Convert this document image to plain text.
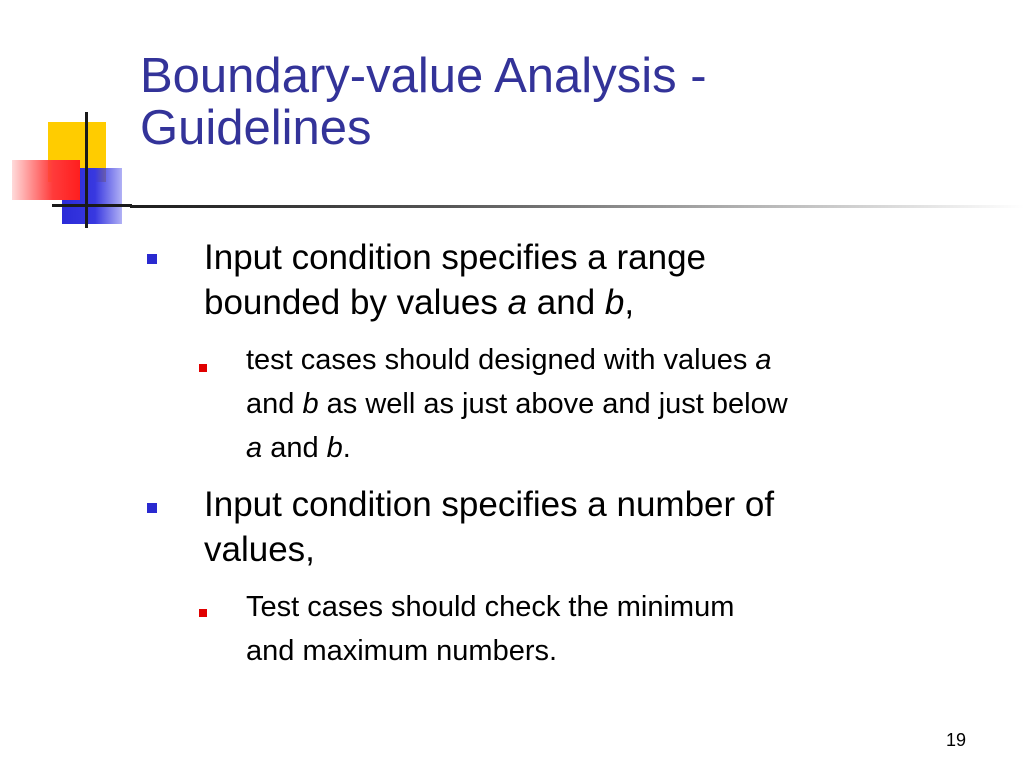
Boundary-value Analysis -
Guidelines
Input condition specifies a range
bounded by values a and b,
test cases should designed with values a
and b as well as just above and just below
a and b.
Input condition specifies a number of
values,
Test cases should check the minimum
and maximum numbers.
19
